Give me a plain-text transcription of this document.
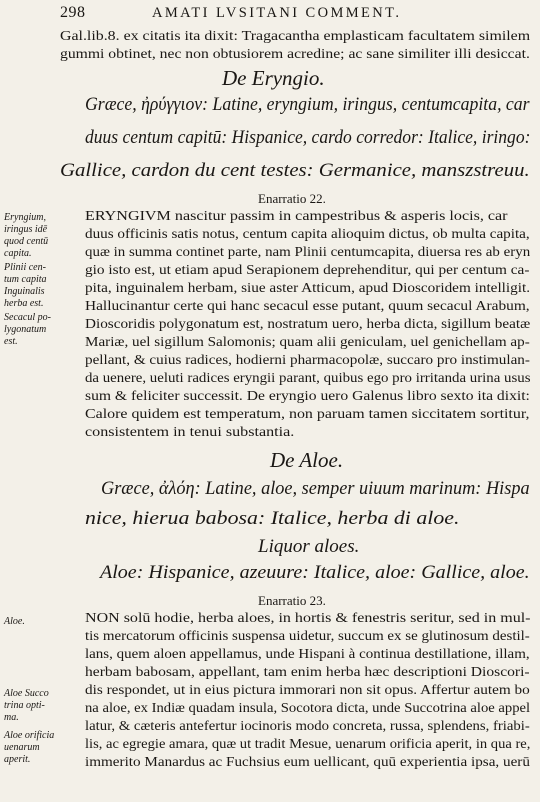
298	AMATI LVSITANI COMMENT.
Gal.lib.8. ex citatis ita dixit: Tragacantha emplasticam facultatem similem
gummi obtinet, nec non obtusiorem acredine; ac sane similiter illi desiccat.
De Eryngio.
Græce, ἠρύγγιον: Latine, eryngium, iringus, centumcapita, car
duus centum capitū: Hispanice, cardo corredor: Italice, iringo:
Gallice, cardon du cent testes: Germanice, manszstreuu.
Enarratio 22.
ERYNGIVM nascitur passim in campestribus & asperis locis, car
duus officinis satis notus, centum capita alioquim dictus, ob multa capita,
quæ in summa continet parte, nam Plinii centumcapita, diuersa res ab eryn
gio isto est, ut etiam apud Serapionem deprehenditur, qui per centum ca-
pita, inguinalem herbam, siue aster Atticum, apud Dioscoridem intelligit.
Hallucinantur certe qui hanc secacul esse putant, quum secacul Arabum,
Dioscoridis polygonatum est, nostratum uero, herba dicta, sigillum beatæ
Mariæ, uel sigillum Salomonis; quam alii geniculam, uel genichellam ap-
pellant, & cuius radices, hodierni pharmacopolæ, succaro pro instimulan-
da uenere, ueluti radices eryngii parant, quibus ego pro irritanda urina usus
sum & feliciter successit. De eryngio uero Galenus libro sexto ita dixit:
Calore quidem est temperatum, non paruam tamen siccitatem sortitur,
consistentem in tenui substantia.
De Aloe.
Græce, ἀλόη: Latine, aloe, semper uiuum marinum: Hispa
nice, hierua babosa: Italice, herba di aloe.
Liquor aloes.
Aloe: Hispanice, azeuure: Italice, aloe: Gallice, aloe.
Enarratio 23.
NON solū hodie, herba aloes, in hortis & fenestris seritur, sed in mul-
tis mercatorum officinis suspensa uidetur, succum ex se glutinosum destil-
lans, quem aloen appellamus, unde Hispani à continua destillatione, illam,
herbam babosam, appellant, tam enim herba hæc descriptioni Dioscori-
dis respondet, ut in eius pictura immorari non sit opus. Affertur autem bo
na aloe, ex Indiæ quadam insula, Socotora dicta, unde Succotrina aloe appel
latur, & cæteris antefertur iocinoris modo concreta, russa, splendens, friabi-
lis, ac egregie amara, quæ ut tradit Mesue, uenarum orificia aperit, in qua re,
immerito Manardus ac Fuchsius eum uellicant, quū experientia ipsa, uerū
Eryngium,
iringus idē
quod centū
capita.
Plinii cen-
tum capita
Inguinalis
herba est.
Secacul po-
lygonatum
est.
Aloe.
Aloe Succo
trina opti-
ma.
Aloe orificia
uenarum
aperit.
